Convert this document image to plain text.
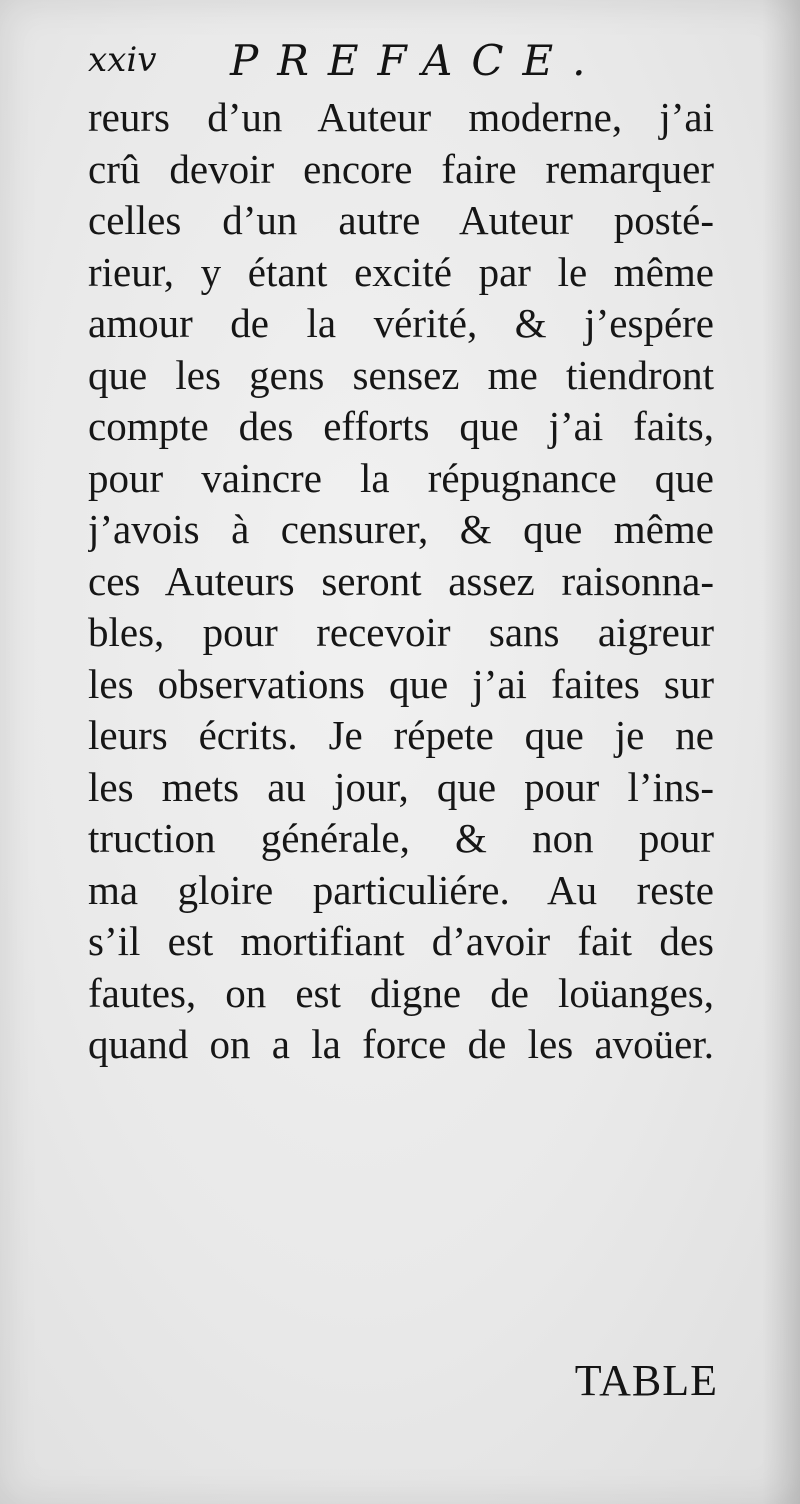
xxiv PREFACE.
reurs d’un Auteur moderne, j’ai
crû devoir encore faire remarquer
celles d’un autre Auteur posté-
rieur, y étant excité par le même
amour de la vérité, & j’espére
que les gens sensez me tiendront
compte des efforts que j’ai faits,
pour vaincre la répugnance que
j’avois à censurer, & que même
ces Auteurs seront assez raisonna-
bles, pour recevoir sans aigreur
les observations que j’ai faites sur
leurs écrits. Je répete que je ne
les mets au jour, que pour l’ins-
truction générale, & non pour
ma gloire particuliére. Au reste
s’il est mortifiant d’avoir fait des
fautes, on est digne de loüanges,
quand on a la force de les avoüer.
TABLE
